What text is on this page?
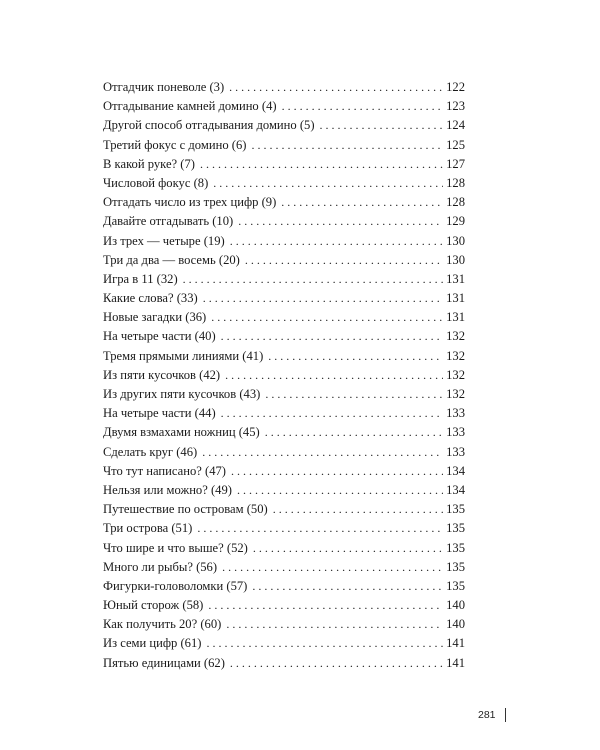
Отгадчик поневоле (3) . . .	122
Отгадывание камней домино (4) . . .	123
Другой способ отгадывания домино (5) . . .	124
Третий фокус с домино (6) . . .	125
В какой руке? (7) . . .	127
Числовой фокус (8) . . .	128
Отгадать число из трех цифр (9) . . .	128
Давайте отгадывать (10) . . .	129
Из трех — четыре (19) . . .	130
Три да два — восемь (20) . . .	130
Игра в 11 (32) . . .	131
Какие слова? (33) . . .	131
Новые загадки (36) . . .	131
На четыре части (40) . . .	132
Тремя прямыми линиями (41) . . .	132
Из пяти кусочков (42) . . .	132
Из других пяти кусочков (43) . . .	132
На четыре части (44) . . .	133
Двумя взмахами ножниц (45) . . .	133
Сделать круг (46) . . .	133
Что тут написано? (47) . . .	134
Нельзя или можно? (49) . . .	134
Путешествие по островам (50) . . .	135
Три острова (51) . . .	135
Что шире и что выше? (52) . . .	135
Много ли рыбы? (56) . . .	135
Фигурки-головоломки (57) . . .	135
Юный сторож (58) . . .	140
Как получить 20? (60) . . .	140
Из семи цифр (61) . . .	141
Пятью единицами (62) . . .	141
281
